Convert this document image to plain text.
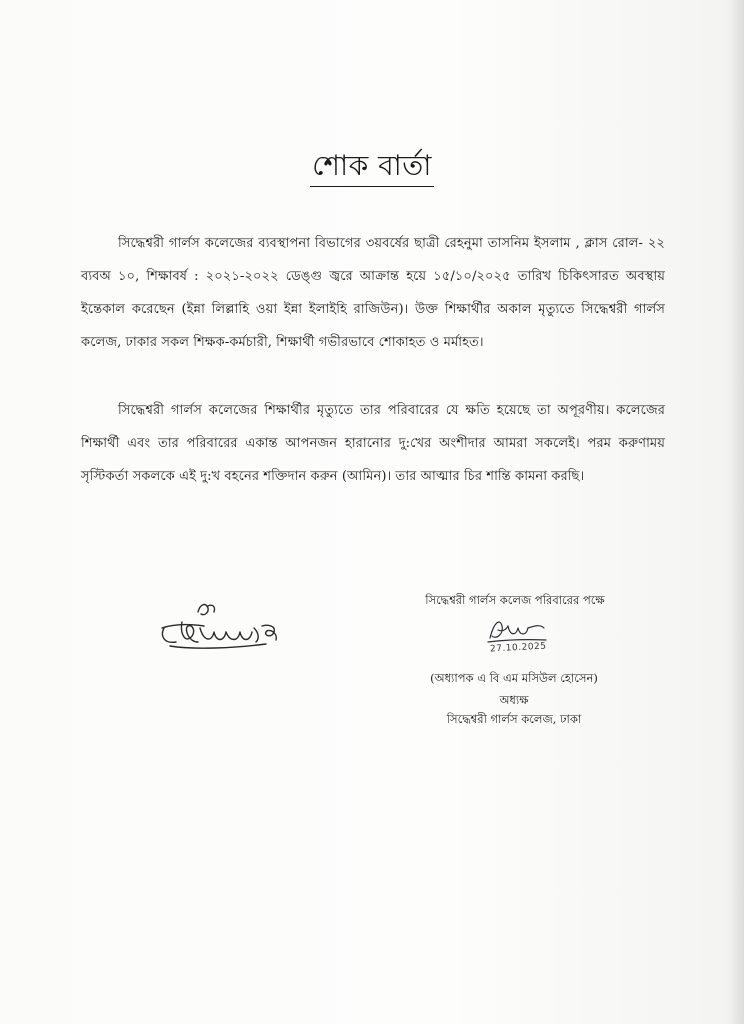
শোক বার্তা

সিদ্ধেশ্বরী গার্লস কলেজের ব্যবস্থাপনা বিভাগের ৩য়বর্ষের ছাত্রী রেহনুমা তাসনিম ইসলাম , ক্লাস রোল- ২২ ব্যবঅ ১০, শিক্ষাবর্ষ : ২০২১-২০২২ ডেঙ্গু জ্বরে আক্রান্ত হয়ে ১৫/১০/২০২৫ তারিখ চিকিৎসারত অবস্থায় ইন্তেকাল করেছেন (ইন্না লিল্লাহি ওয়া ইন্না ইলাইহি রাজিউন)। উক্ত শিক্ষার্থীর অকাল মৃত্যুতে সিদ্ধেশ্বরী গার্লস কলেজ, ঢাকার সকল শিক্ষক-কর্মচারী, শিক্ষার্থী গভীরভাবে শোকাহত ও মর্মাহত।

সিদ্ধেশ্বরী গার্লস কলেজের শিক্ষার্থীর মৃত্যুতে তার পরিবারের যে ক্ষতি হয়েছে তা অপূরণীয়। কলেজের শিক্ষার্থী এবং তার পরিবারের একান্ত আপনজন হারানোর দু:খের অংশীদার আমরা সকলেই। পরম করুণাময় সৃস্টিকর্তা সকলকে এই দু:খ বহনের শক্তিদান করুন (আমিন)। তার আত্মার চির শান্তি কামনা করছি।

সিদ্ধেশ্বরী গার্লস কলেজ পরিবারের পক্ষে
27.10.2025
(অধ্যাপক এ বি এম মসিউল হোসেন)
অধ্যক্ষ
সিদ্ধেশ্বরী গার্লস কলেজ, ঢাকা
